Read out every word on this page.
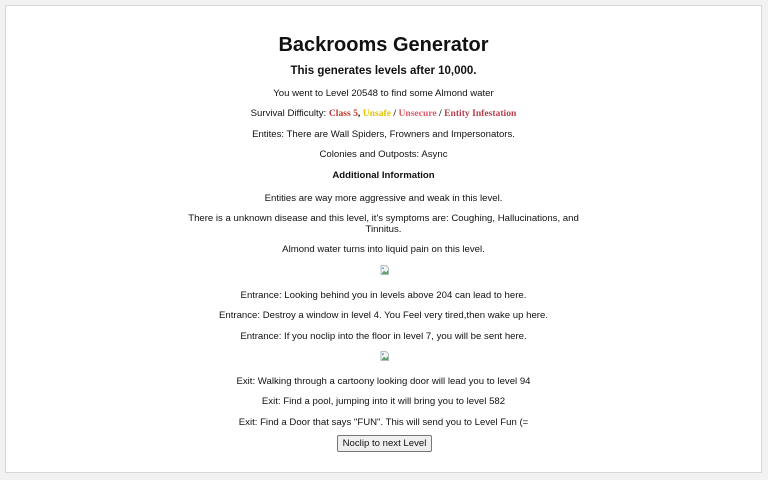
Backrooms Generator
This generates levels after 10,000.

You went to Level 20548 to find some Almond water

Survival Difficulty: Class 5, Unsafe / Unsecure / Entity Infestation

Entites: There are Wall Spiders, Frowners and Impersonators.

Colonies and Outposts: Async

Additional Information

Entities are way more aggressive and weak in this level.

There is a unknown disease and this level, it's symptoms are: Coughing, Hallucinations, and Tinnitus.

Almond water turns into liquid pain on this level.

Entrance: Looking behind you in levels above 204 can lead to here.

Entrance: Destroy a window in level 4. You Feel very tired,then wake up here.

Entrance: If you noclip into the floor in level 7, you will be sent here.

Exit: Walking through a cartoony looking door will lead you to level 94

Exit: Find a pool, jumping into it will bring you to level 582

Exit: Find a Door that says "FUN". This will send you to Level Fun (=

Noclip to next Level
